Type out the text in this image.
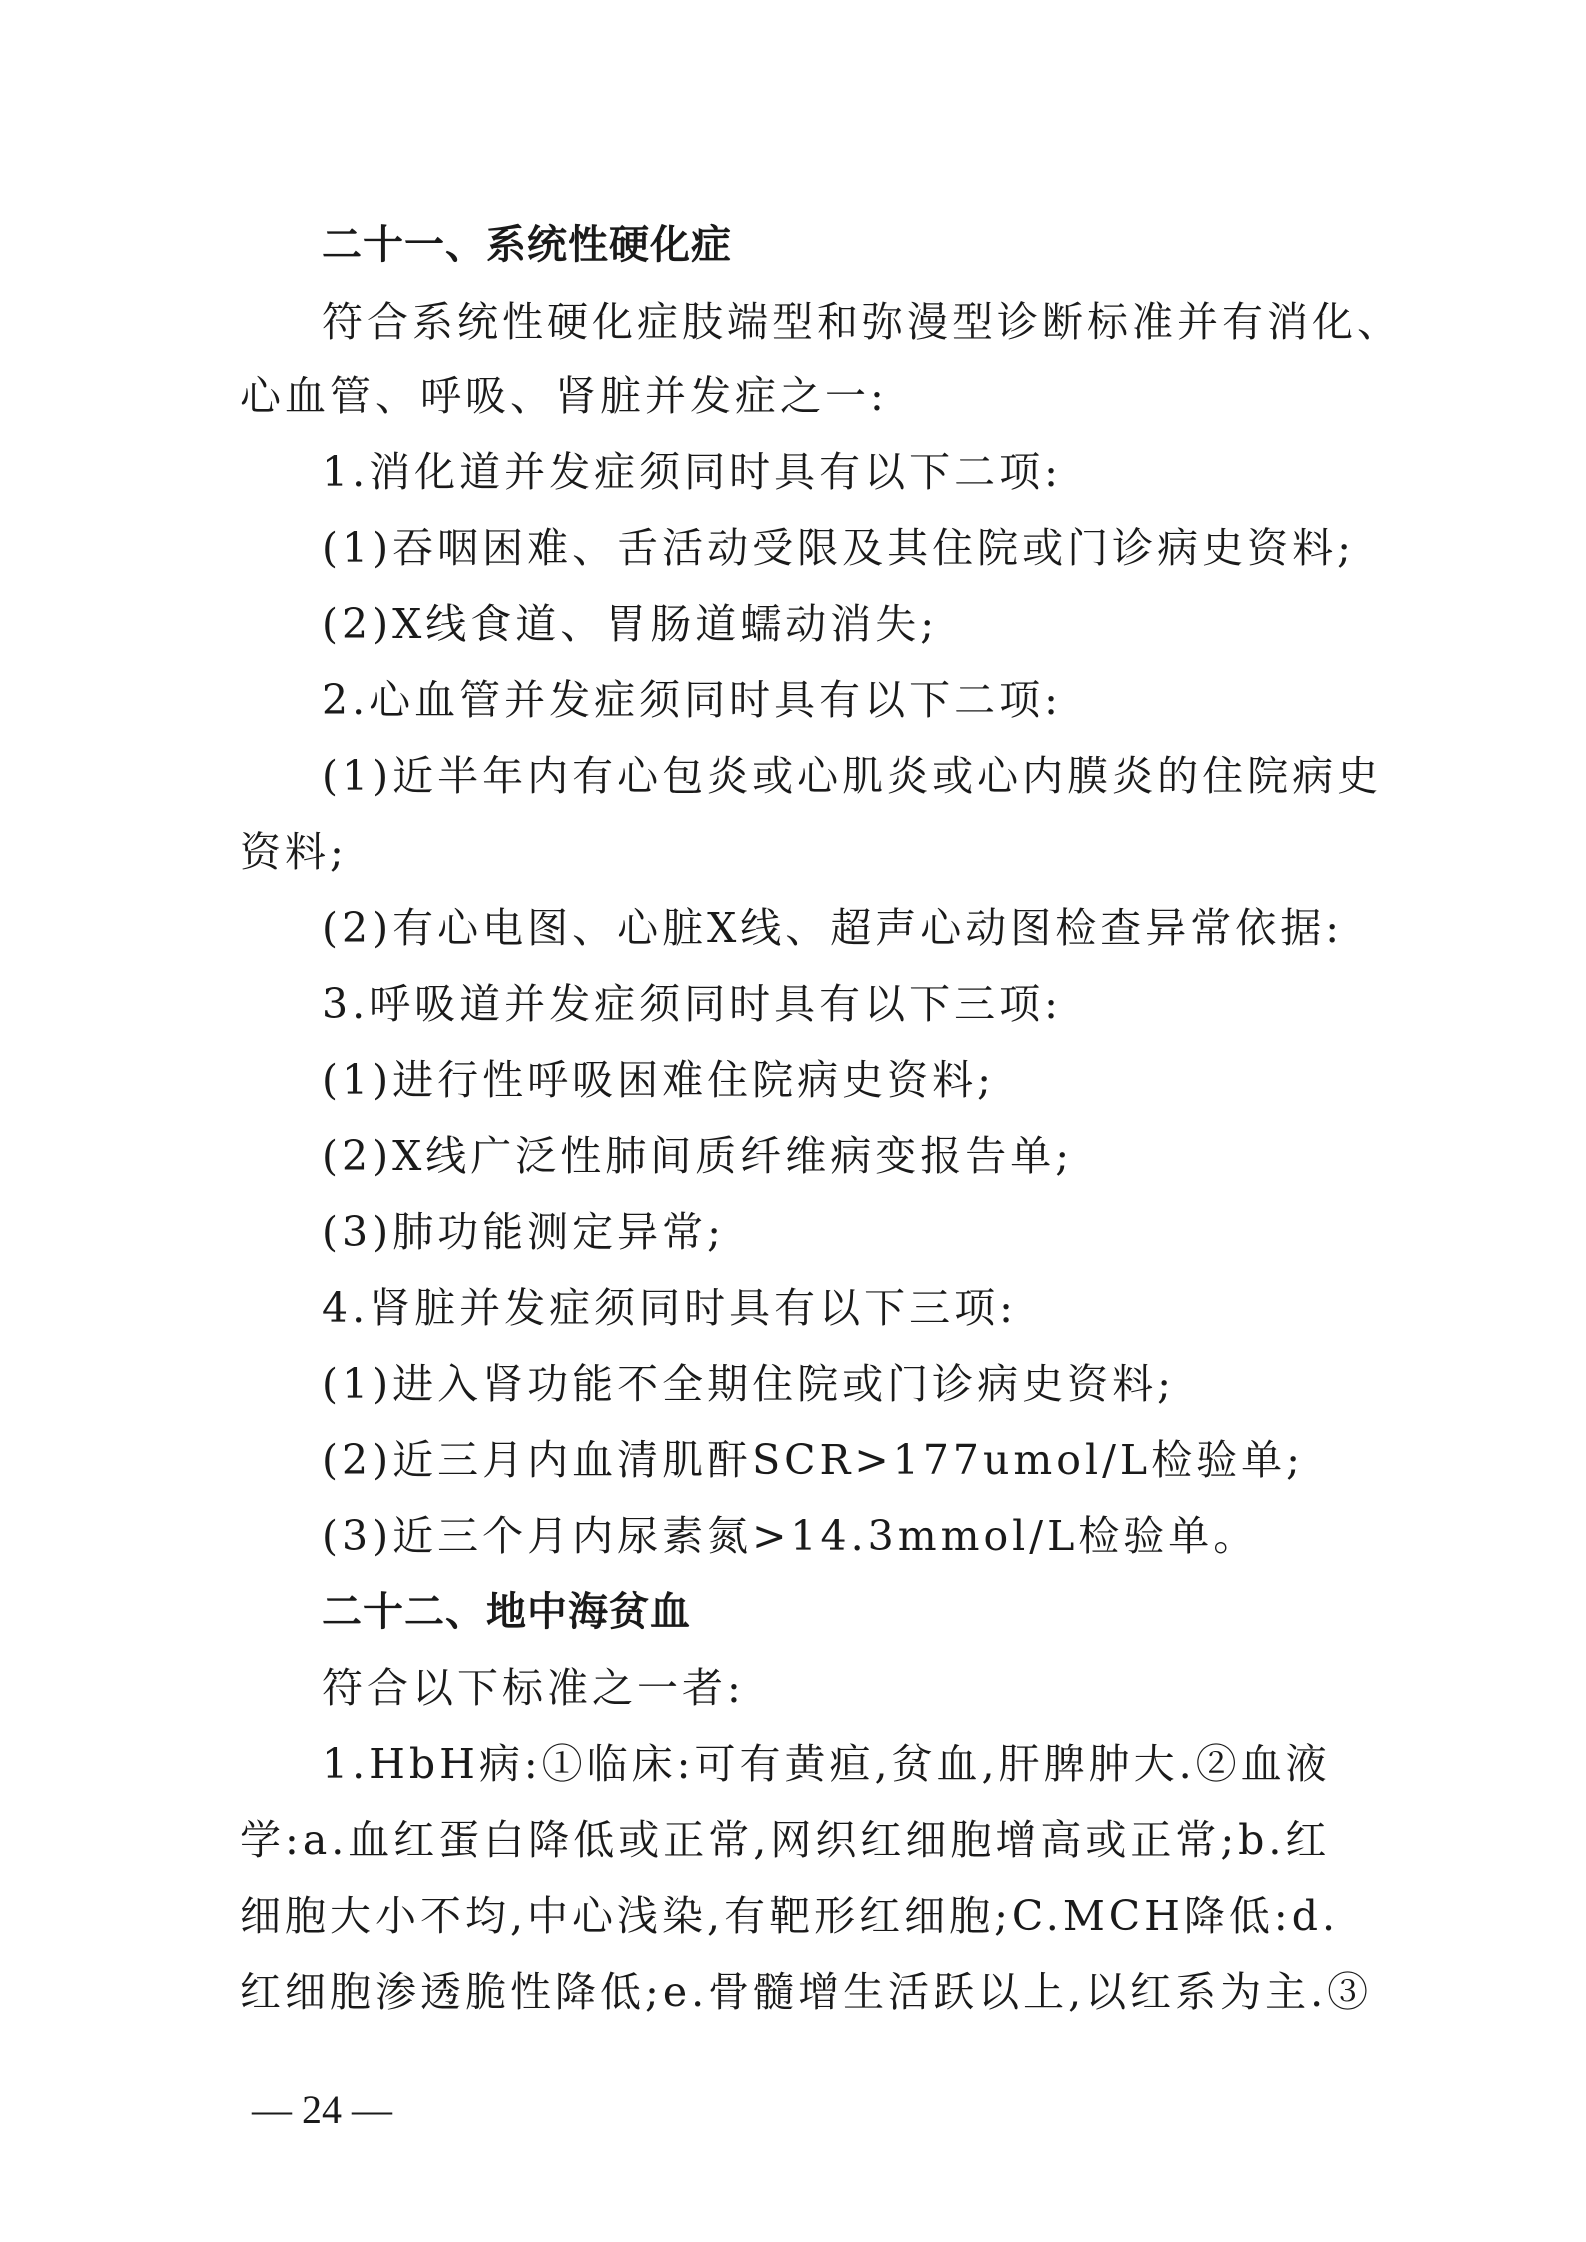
二十一、系统性硬化症
符合系统性硬化症肢端型和弥漫型诊断标准并有消化、
心血管、呼吸、肾脏并发症之一:
1.消化道并发症须同时具有以下二项:
(1)吞咽困难、舌活动受限及其住院或门诊病史资料;
(2)X线食道、胃肠道蠕动消失;
2.心血管并发症须同时具有以下二项:
(1)近半年内有心包炎或心肌炎或心内膜炎的住院病史
资料;
(2)有心电图、心脏X线、超声心动图检查异常依据:
3.呼吸道并发症须同时具有以下三项:
(1)进行性呼吸困难住院病史资料;
(2)X线广泛性肺间质纤维病变报告单;
(3)肺功能测定异常;
4.肾脏并发症须同时具有以下三项:
(1)进入肾功能不全期住院或门诊病史资料;
(2)近三月内血清肌酐SCR>177umol/L检验单;
(3)近三个月内尿素氮>14.3mmol/L检验单。
二十二、地中海贫血
符合以下标准之一者:
1.HbH病:①临床:可有黄疸,贫血,肝脾肿大.②血液
学:a.血红蛋白降低或正常,网织红细胞增高或正常;b.红
细胞大小不均,中心浅染,有靶形红细胞;C.MCH降低:d.
红细胞渗透脆性降低;e.骨髓增生活跃以上,以红系为主.③
— 24 —
